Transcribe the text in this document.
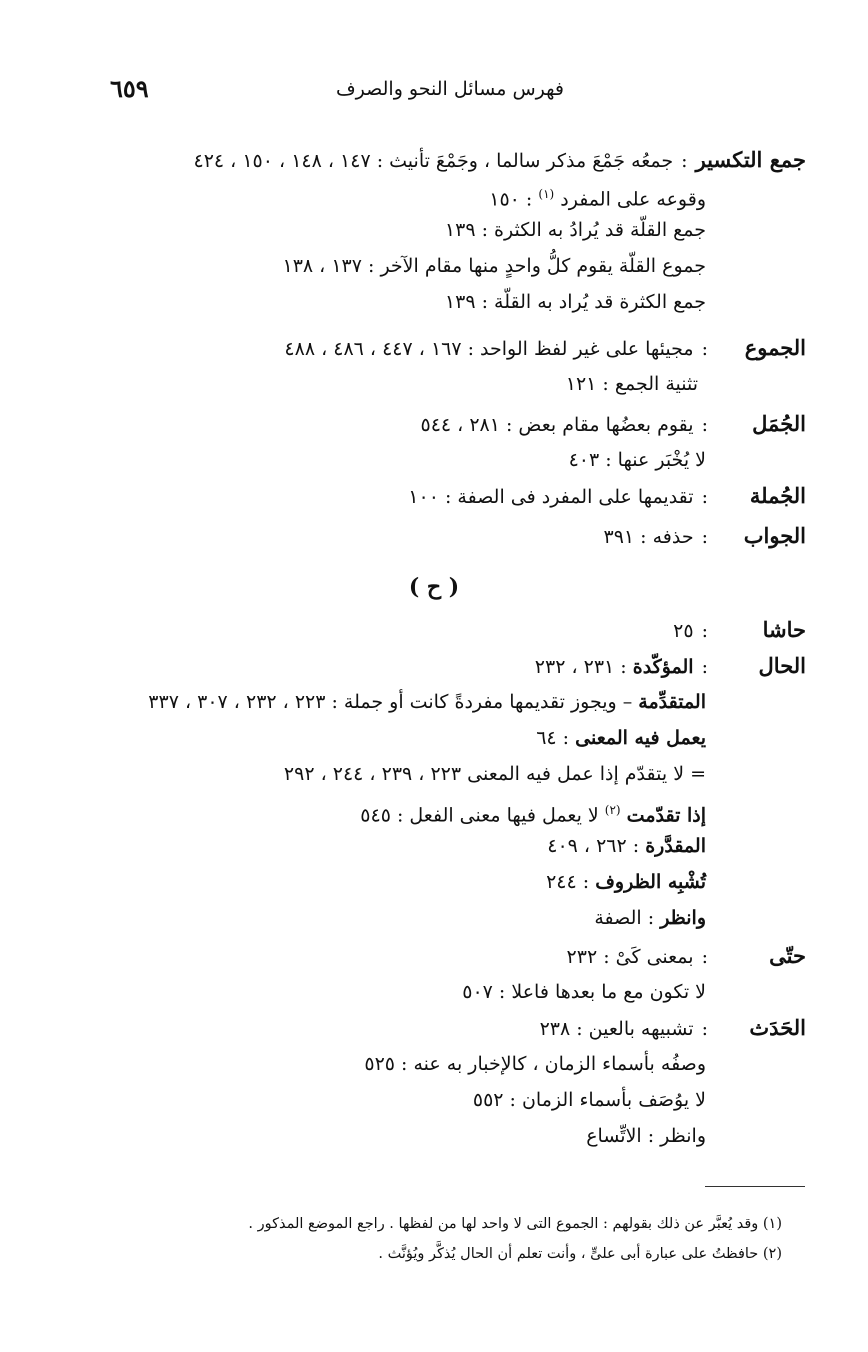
٦٥٩	فهرس مسائل النحو والصرف
جمع التكسير:جمعُه جَمْعَ مذكر سالما ، وجَمْعَ تأنيث : ١٤٧ ، ١٤٨ ، ١٥٠ ، ٤٢٤
وقوعه على المفرد $^{(١)}$ : ١٥٠
جمع القلّة قد يُرادُ به الكثرة : ١٣٩
جموع القلّة يقوم كلُّ واحدٍ منها مقام الآخر : ١٣٧ ، ١٣٨
جمع الكثرة قد يُراد به القلّة : ١٣٩
الجموع:مجيئها على غير لفظ الواحد : ١٦٧ ، ٤٤٧ ، ٤٨٦ ، ٤٨٨
تثنية الجمع : ١٢١
الجُمَل:يقوم بعضُها مقام بعض : ٢٨١ ، ٥٤٤
لا يُخْبَر عنها : ٤٠٣
الجُملة:تقديمها على المفرد فى الصفة : ١٠٠
الجواب:حذفه : ٣٩١
( ح )
حاشا:٢٥
الحال:المؤكّدة : ٢٣١ ، ٢٣٢
المتقدِّمة – ويجوز تقديمها مفردةً كانت أو جملة : ٢٢٣ ، ٢٣٢ ، ٣٠٧ ، ٣٣٧
يعمل فيه المعنى : ٦٤
= لا يتقدّم إذا عمل فيه المعنى ٢٢٣ ، ٢٣٩ ، ٢٤٤ ، ٢٩٢
إذا تقدّمت $^{(٢)}$ لا يعمل فيها معنى الفعل : ٥٤٥
المقدَّرة : ٢٦٢ ، ٤٠٩
تُشْبِه الظروف : ٢٤٤
وانظر : الصفة
حتّى:بمعنى كَىْ : ٢٣٢
لا تكون مع ما بعدها فاعلا : ٥٠٧
الحَدَث:تشبيهه بالعين : ٢٣٨
وصفُه بأسماء الزمان ، كالإخبار به عنه : ٥٢٥
لا يوُصَف بأسماء الزمان : ٥٥٢
وانظر : الاتِّساع
(١) وقد يُعبَّر عن ذلك بقولهم : الجموع التى لا واحد لها من لفظها . راجع الموضع المذكور .
(٢) حافظتُ على عبارة أبى علىٍّ ، وأنت تعلم أن الحال يُذكَّر ويُؤنَّث .
